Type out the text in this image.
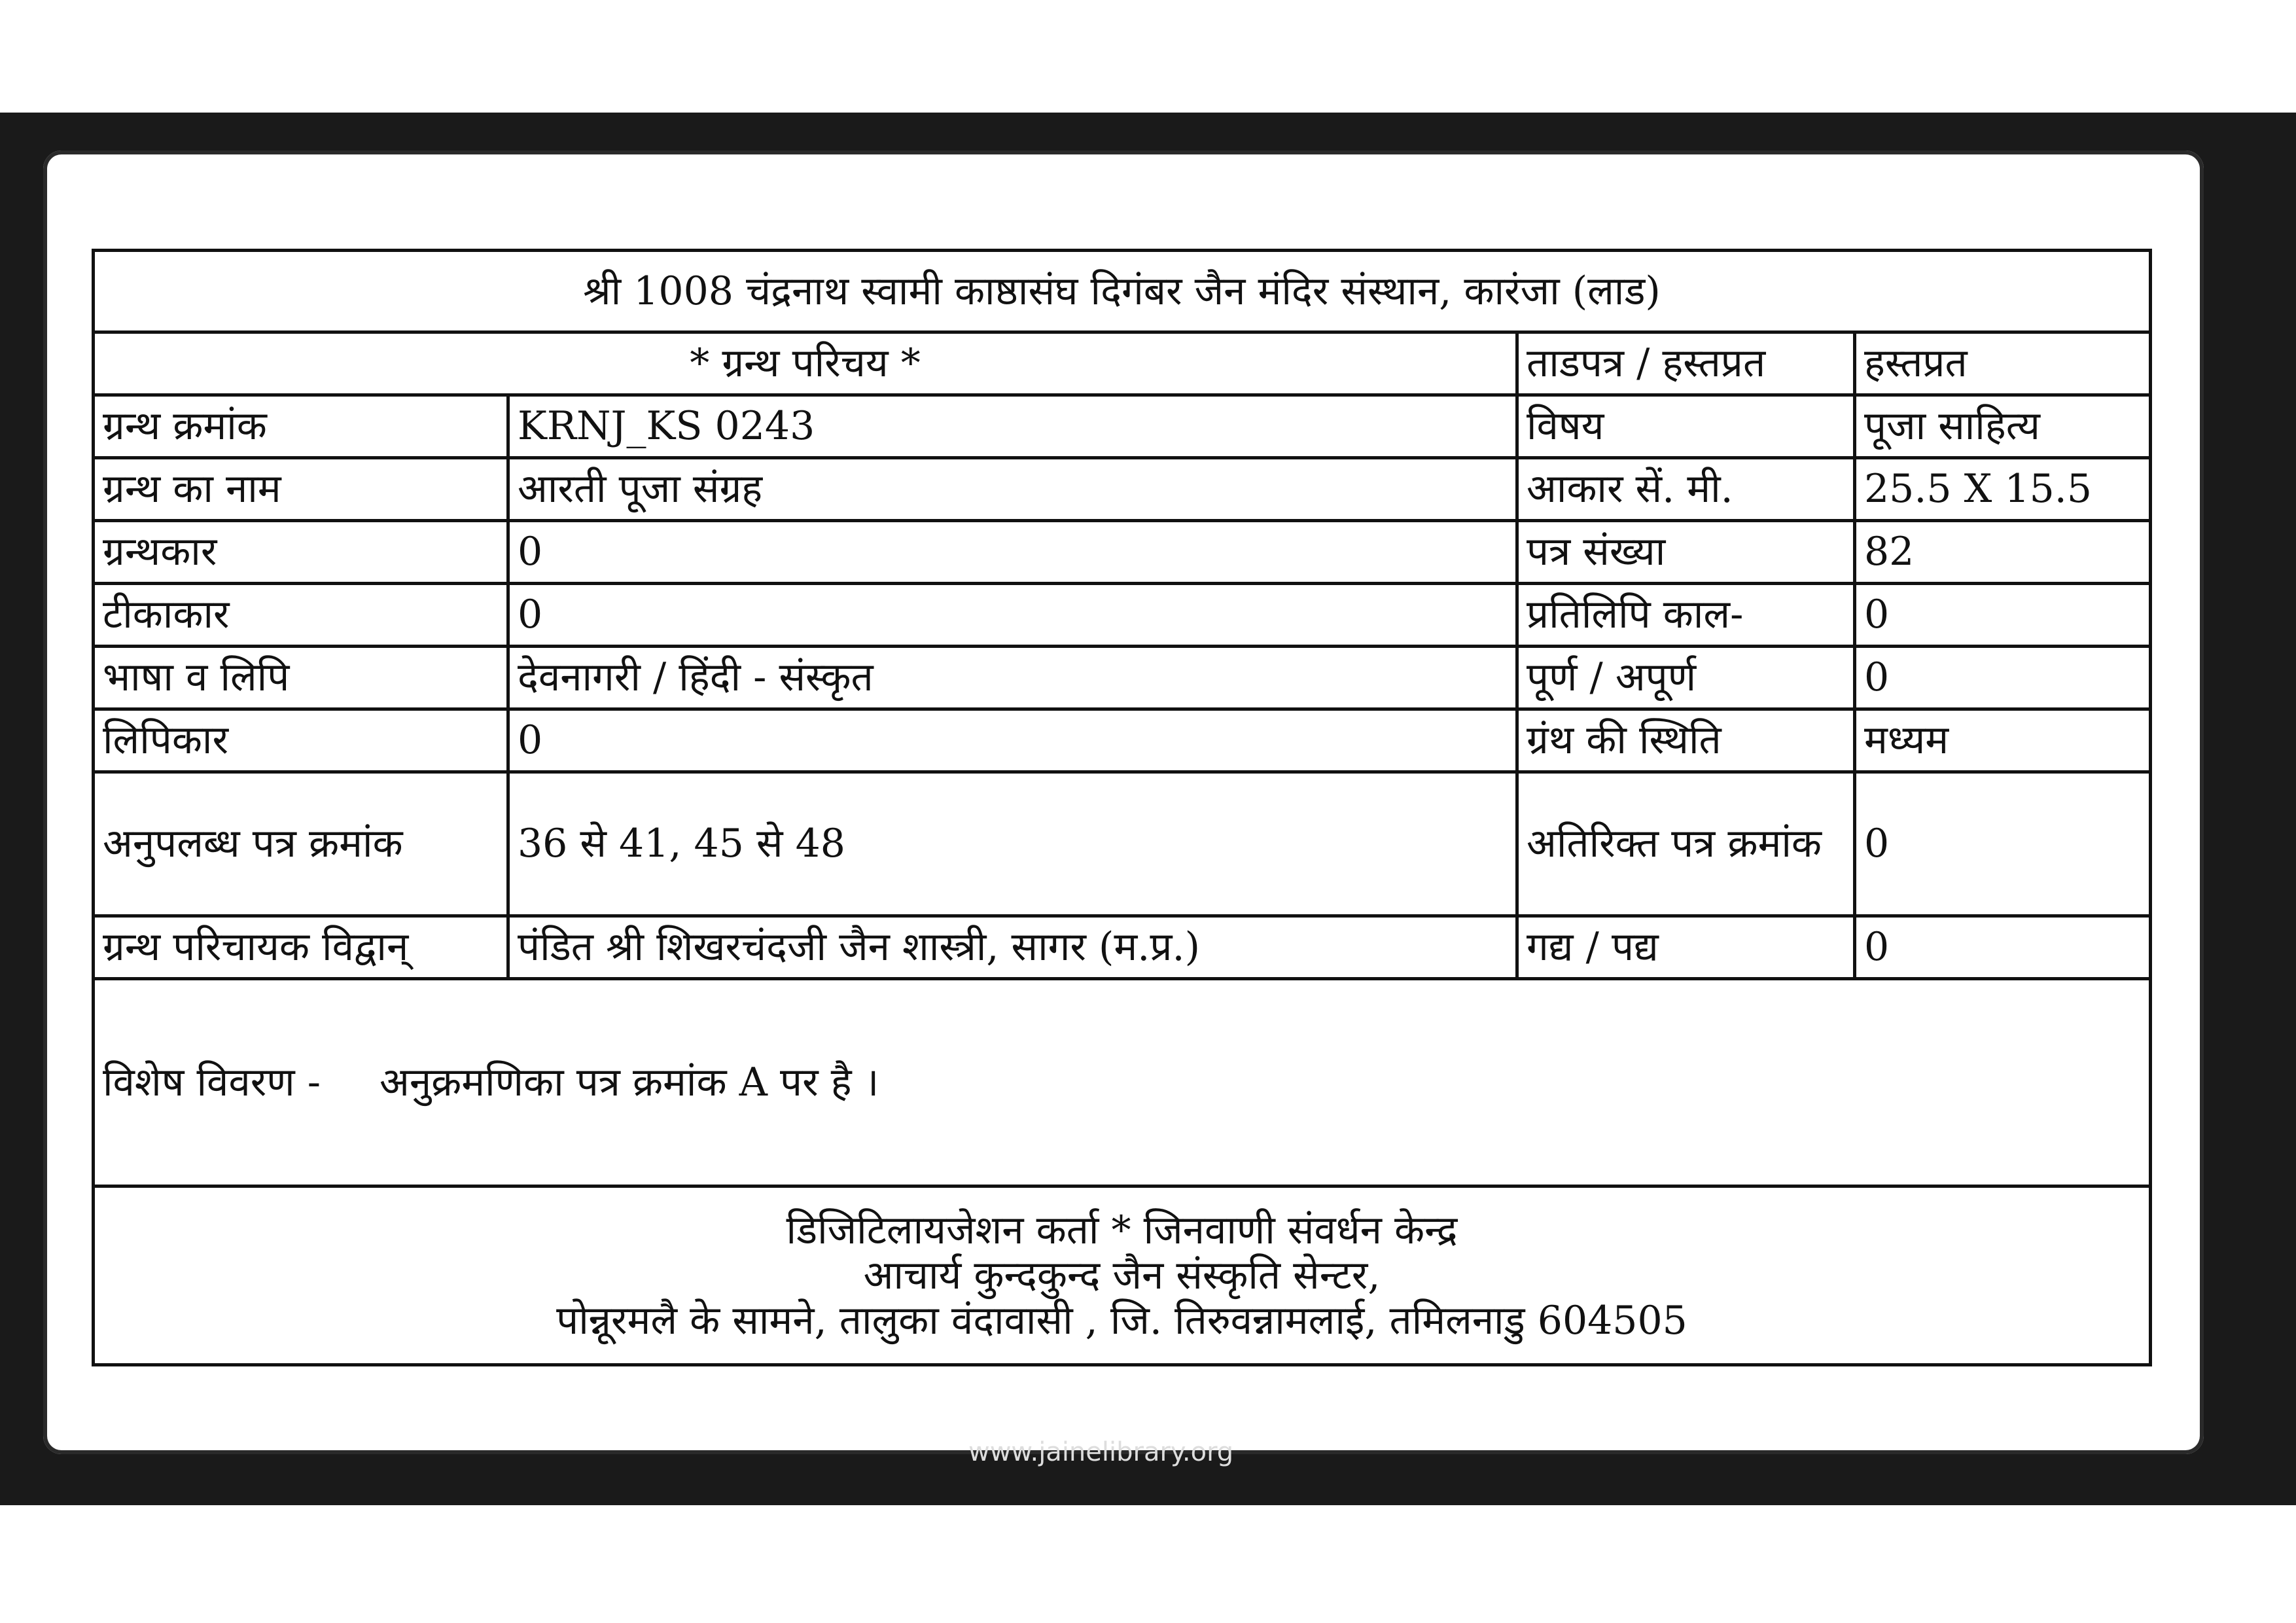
श्री 1008 चंद्रनाथ स्वामी काष्ठासंघ दिगंबर जैन मंदिर संस्थान, कारंजा (लाड)			
* ग्रन्थ परिचय *		ताडपत्र / हस्तप्रत	हस्तप्रत
ग्रन्थ क्रमांक	KRNJ_KS 0243	विषय	पूजा साहित्य
ग्रन्थ का नाम	आरती पूजा संग्रह	आकार सें. मी.	25.5 X 15.5
ग्रन्थकार	0	पत्र संख्या	82
टीकाकार	0	प्रतिलिपि काल-	0
भाषा व लिपि	देवनागरी / हिंदी - संस्कृत	पूर्ण / अपूर्ण	0
लिपिकार	0	ग्रंथ की स्थिति	मध्यम
अनुपलब्ध पत्र क्रमांक	36 से 41, 45 से 48	अतिरिक्त पत्र क्रमांक	0
ग्रन्थ परिचायक विद्वान्	पंडित श्री शिखरचंदजी जैन शास्त्री, सागर (म.प्र.)	गद्य / पद्य	0
विशेष विवरण - अनुक्रमणिका पत्र क्रमांक A पर है ।			

डिजिटिलायजेशन कर्ता * जिनवाणी संवर्धन केन्द्र
आचार्य कुन्दकुन्द जैन संस्कृति सेन्टर,
पोन्नूरमलै के सामने, तालुका वंदावासी , जि. तिरुवन्नामलाई, तमिलनाडु 604505			
www.jainelibrary.org
